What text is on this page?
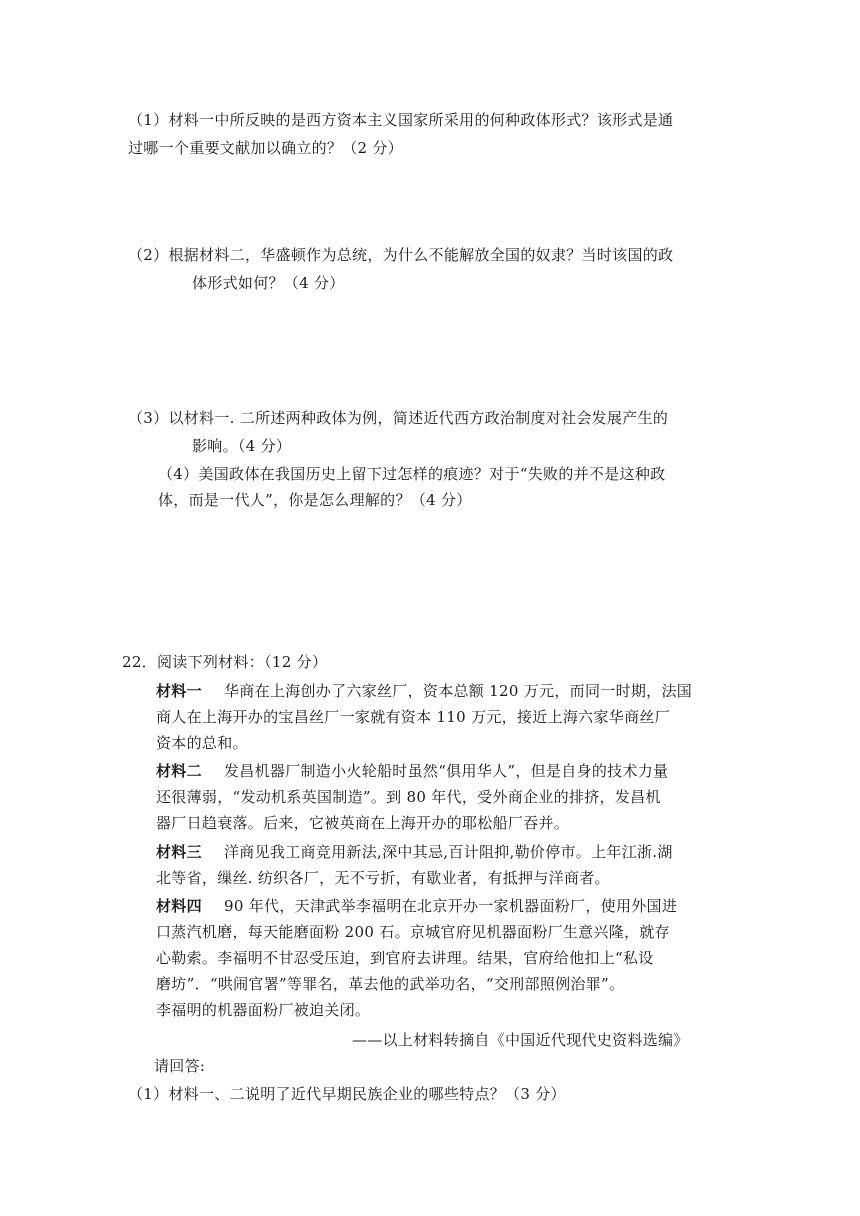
（1）材料一中所反映的是西方资本主义国家所采用的何种政体形式？该形式是通
过哪一个重要文献加以确立的？（2 分）
（2）根据材料二，华盛顿作为总统，为什么不能解放全国的奴隶？当时该国的政
体形式如何？（4 分）
（3）以材料一. 二所述两种政体为例，简述近代西方政治制度对社会发展产生的
影响。（4 分）
（4）美国政体在我国历史上留下过怎样的痕迹？对于“失败的并不是这种政
体，而是一代人”，你是怎么理解的？（4 分）
22．阅读下列材料：（12 分）
材料一 华商在上海创办了六家丝厂，资本总额 120 万元，而同一时期，法国
商人在上海开办的宝昌丝厂一家就有资本 110 万元，接近上海六家华商丝厂
资本的总和。
材料二 发昌机器厂制造小火轮船时虽然“俱用华人”，但是自身的技术力量
还很薄弱，“发动机系英国制造”。到 80 年代，受外商企业的排挤，发昌机
器厂日趋衰落。后来，它被英商在上海开办的耶松船厂吞并。
材料三 洋商见我工商竞用新法,深中其忌,百计阻抑,勒价停市。上年江浙.湖
北等省，缫丝. 纺织各厂，无不亏折，有歇业者，有抵押与洋商者。
材料四 90 年代，天津武举李福明在北京开办一家机器面粉厂，使用外国进
口蒸汽机磨，每天能磨面粉 200 石。京城官府见机器面粉厂生意兴隆，就存
心勒索。李福明不甘忍受压迫，到官府去讲理。结果，官府给他扣上“私设
磨坊”．“哄闹官署”等罪名，革去他的武举功名，“交刑部照例治罪”。
李福明的机器面粉厂被迫关闭。
——以上材料转摘自《中国近代现代史资料选编》
请回答:
（1）材料一、二说明了近代早期民族企业的哪些特点？（3 分）
